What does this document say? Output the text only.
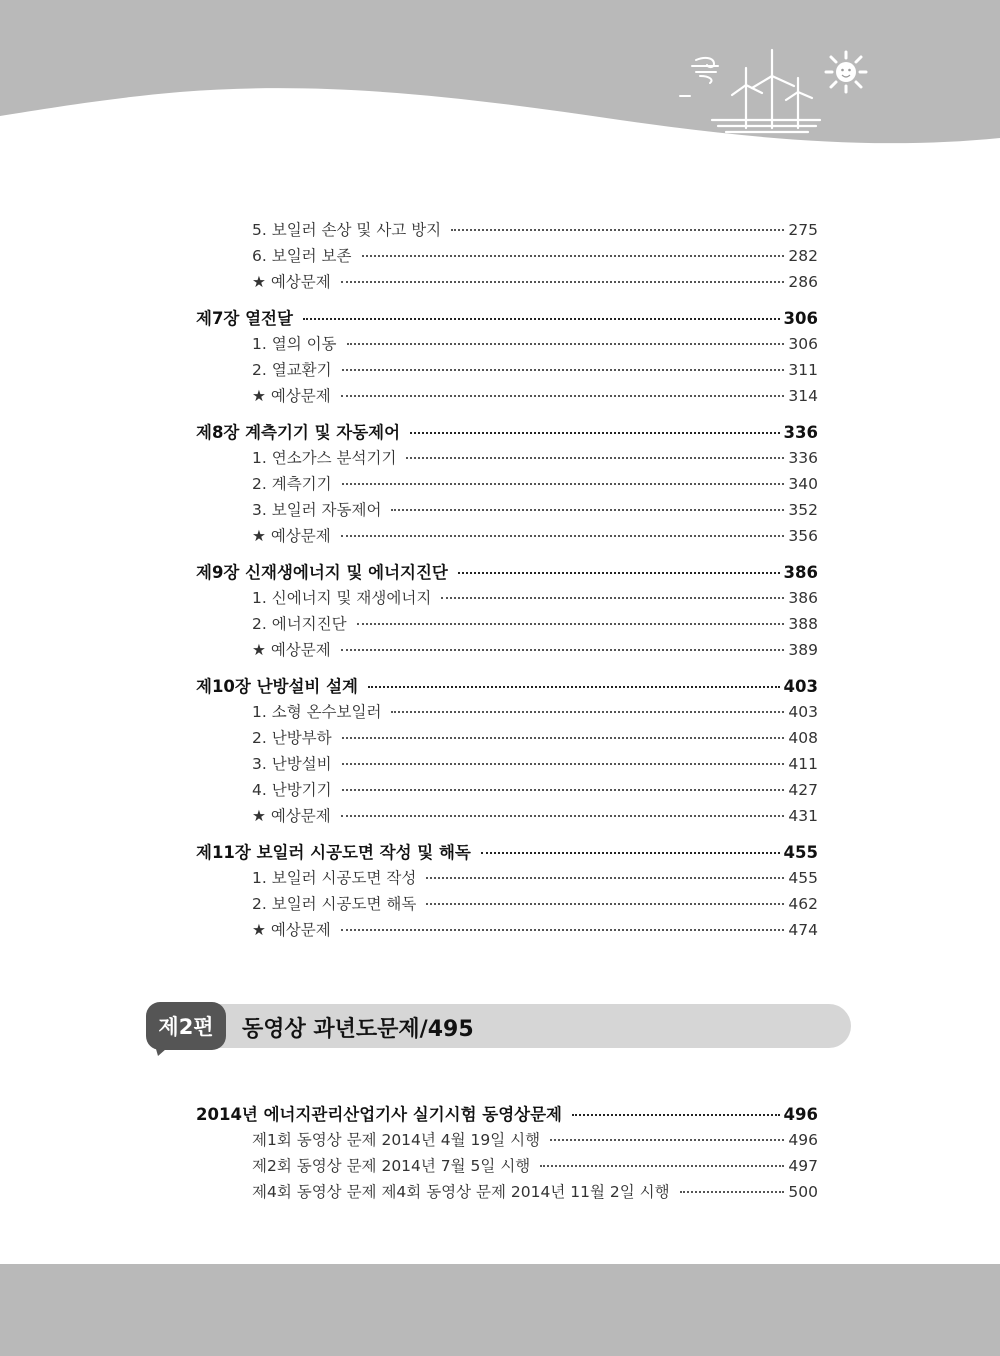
5. 보일러 손상 및 사고 방지	275
6. 보일러 보존	282
★ 예상문제	286
제7장 열전달	306
1. 열의 이동	306
2. 열교환기	311
★ 예상문제	314
제8장 계측기기 및 자동제어	336
1. 연소가스 분석기기	336
2. 계측기기	340
3. 보일러 자동제어	352
★ 예상문제	356
제9장 신재생에너지 및 에너지진단	386
1. 신에너지 및 재생에너지	386
2. 에너지진단	388
★ 예상문제	389
제10장 난방설비 설계	403
1. 소형 온수보일러	403
2. 난방부하	408
3. 난방설비	411
4. 난방기기	427
★ 예상문제	431
제11장 보일러 시공도면 작성 및 해독	455
1. 보일러 시공도면 작성	455
2. 보일러 시공도면 해독	462
★ 예상문제	474
제2편	동영상 과년도문제/495
2014년 에너지관리산업기사 실기시험 동영상문제	496
제1회 동영상 문제 2014년 4월 19일 시행	496
제2회 동영상 문제 2014년 7월 5일 시행	497
제4회 동영상 문제 제4회 동영상 문제 2014년 11월 2일 시행	500
